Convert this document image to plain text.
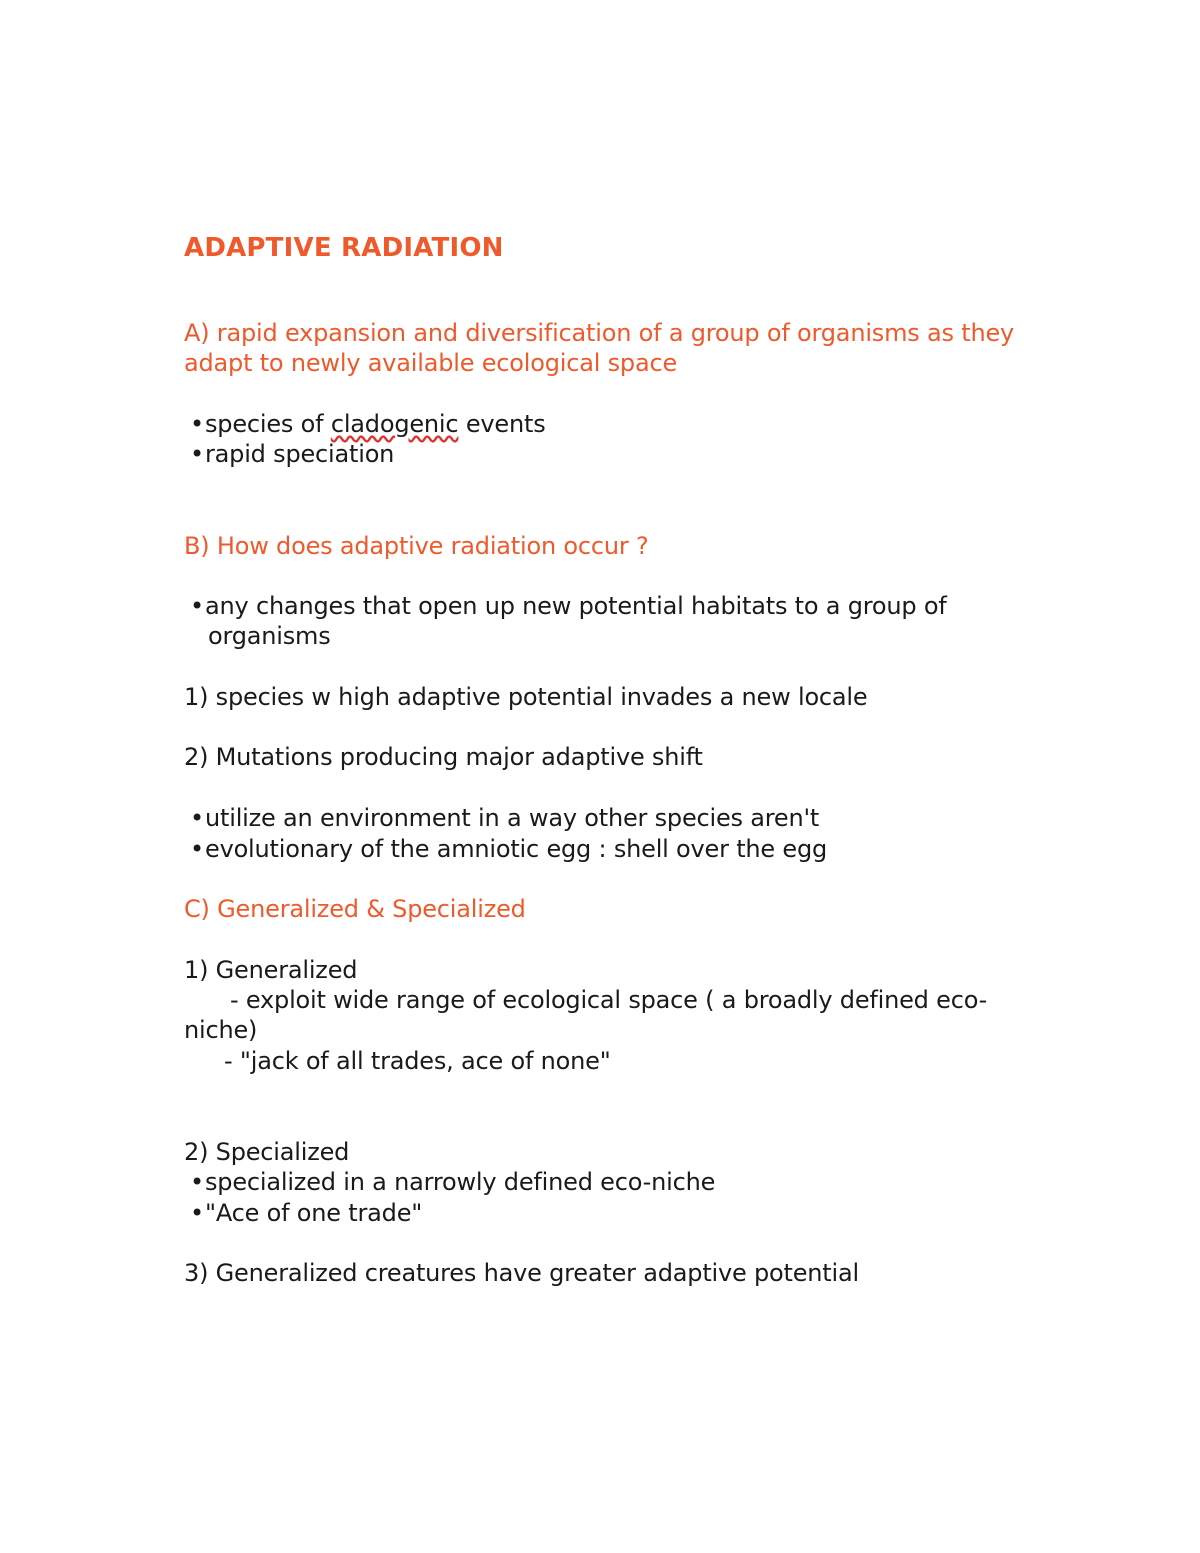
ADAPTIVE RADIATION
A) rapid expansion and diversification of a group of organisms as they
adapt to newly available ecological space
•species of cladogenic events
•rapid speciation
B) How does adaptive radiation occur ?
•any changes that open up new potential habitats to a group of
organisms
1) species w high adaptive potential invades a new locale
2) Mutations producing major adaptive shift
•utilize an environment in a way other species aren't
•evolutionary of the amniotic egg : shell over the egg
C) Generalized & Specialized
1) Generalized
- exploit wide range of ecological space ( a broadly defined eco-
niche)
- "jack of all trades, ace of none"
2) Specialized
•specialized in a narrowly defined eco-niche
•"Ace of one trade"
3) Generalized creatures have greater adaptive potential
